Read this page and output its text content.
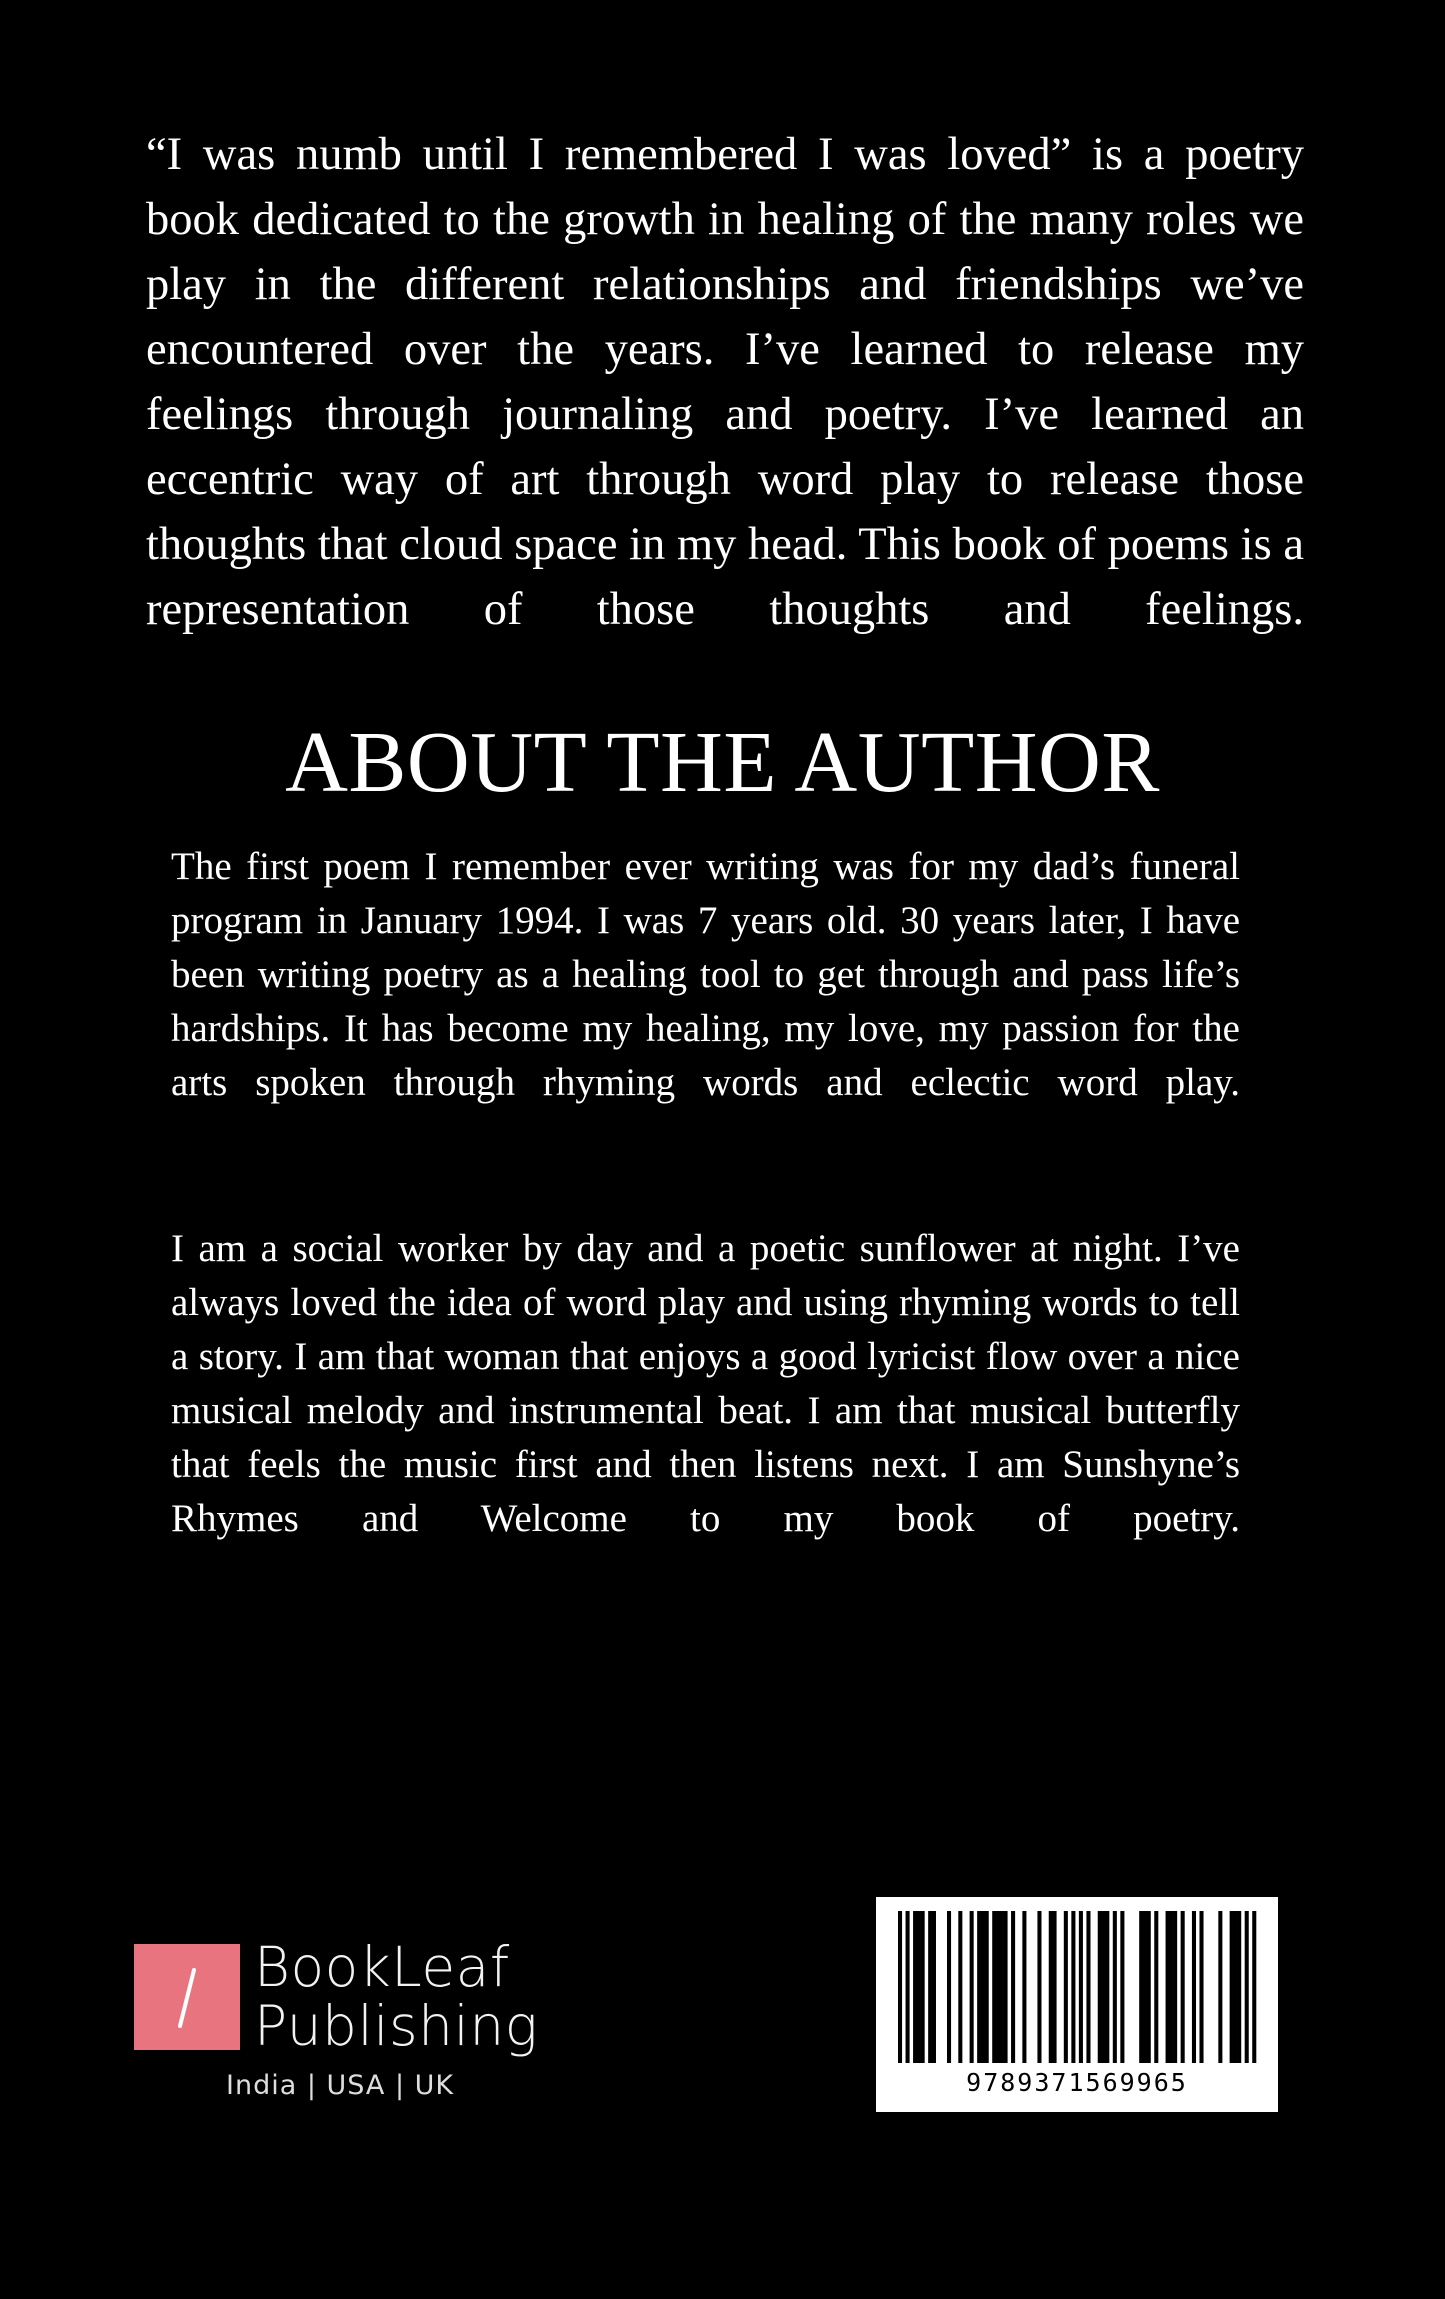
“I was numb until I remembered I was loved” is a poetry book dedicated to the growth in healing of the many roles we play in the different relationships and friendships we’ve encountered over the years. I’ve learned to release my feelings through journaling and poetry. I’ve learned an eccentric way of art through word play to release those thoughts that cloud space in my head. This book of poems is a representation of those thoughts and feelings.

ABOUT THE AUTHOR

The first poem I remember ever writing was for my dad’s funeral program in January 1994. I was 7 years old. 30 years later, I have been writing poetry as a healing tool to get through and pass life’s hardships. It has become my healing, my love, my passion for the arts spoken through rhyming words and eclectic word play.

I am a social worker by day and a poetic sunflower at night. I’ve always loved the idea of word play and using rhyming words to tell a story. I am that woman that enjoys a good lyricist flow over a nice musical melody and instrumental beat. I am that musical butterfly that feels the music first and then listens next. I am Sunshyne’s Rhymes and Welcome to my book of poetry.

BookLeaf
Publishing

India | USA | UK	9789371569965
